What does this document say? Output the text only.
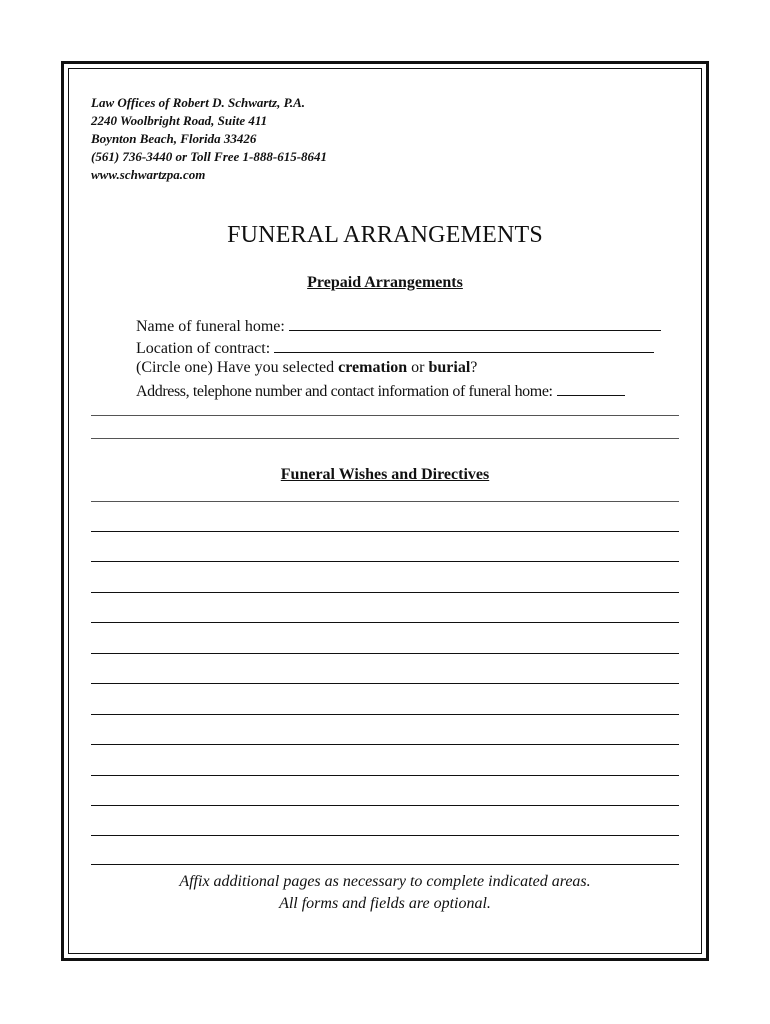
Law Offices of Robert D. Schwartz, P.A.
2240 Woolbright Road, Suite 411
Boynton Beach, Florida 33426
(561) 736-3440 or Toll Free 1-888-615-8641
www.schwartzpa.com
FUNERAL ARRANGEMENTS
Prepaid Arrangements
Name of funeral home:
Location of contract:
(Circle one) Have you selected cremation or burial?
Address, telephone number and contact information of funeral home:
Funeral Wishes and Directives
Affix additional pages as necessary to complete indicated areas.
All forms and fields are optional.
